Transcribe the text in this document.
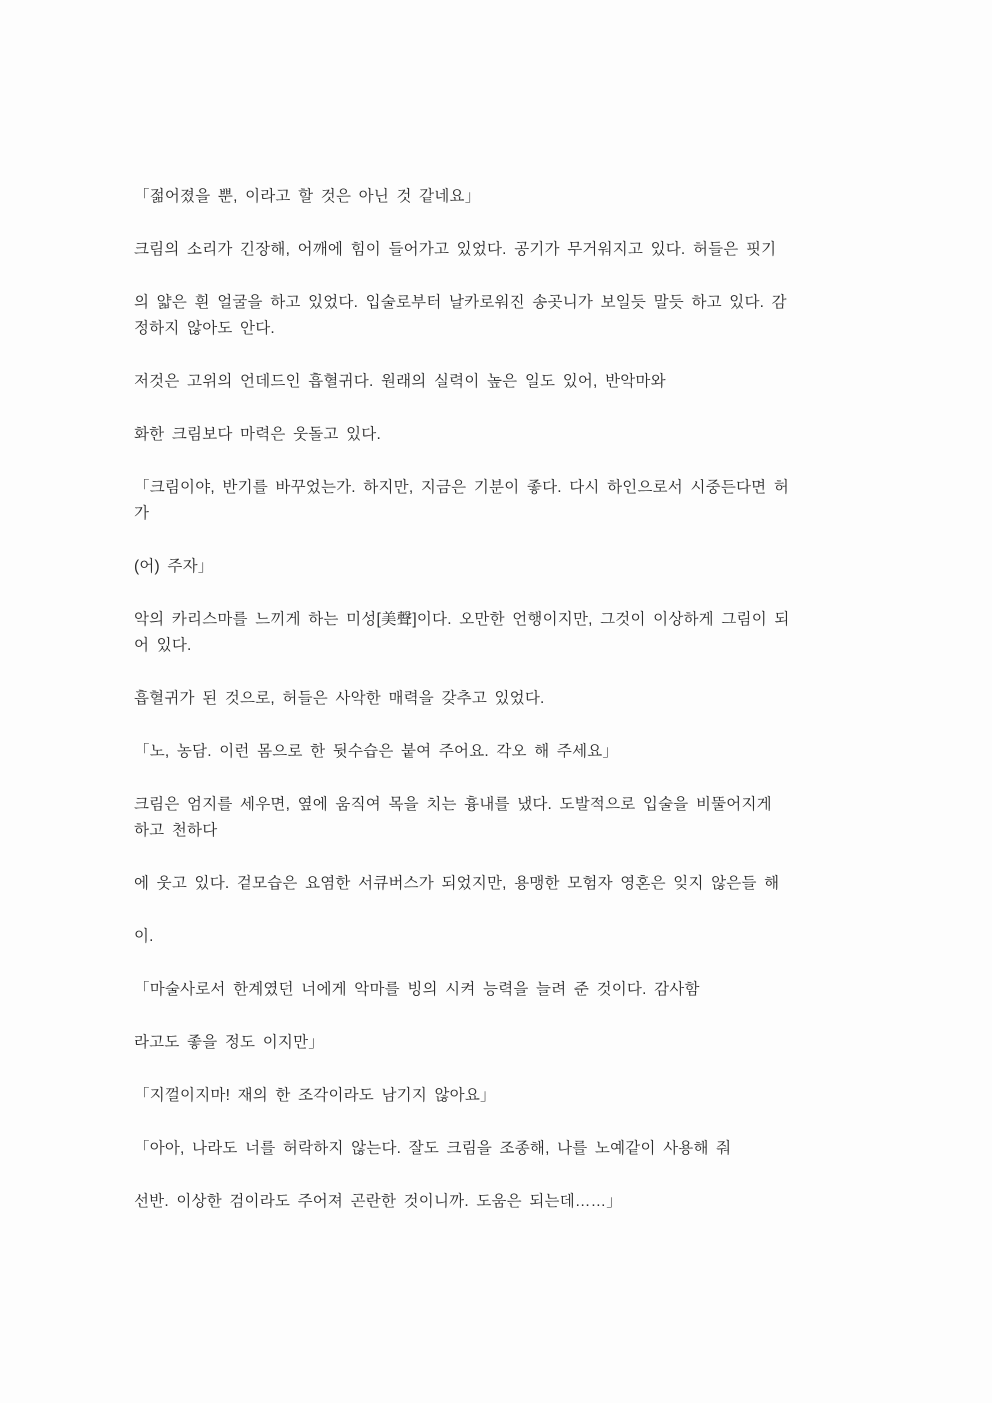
「젊어졌을 뿐, 이라고 할 것은 아닌 것 같네요」
크림의 소리가 긴장해, 어깨에 힘이 들어가고 있었다. 공기가 무거워지고 있다. 허들은 핏기
의 얇은 흰 얼굴을 하고 있었다. 입술로부터 날카로워진 송곳니가 보일듯 말듯 하고 있다. 감
정하지 않아도 안다.
저것은 고위의 언데드인 흡혈귀다. 원래의 실력이 높은 일도 있어, 반악마와
화한 크림보다 마력은 웃돌고 있다.
「크림이야, 반기를 바꾸었는가. 하지만, 지금은 기분이 좋다. 다시 하인으로서 시중든다면 허
가
(어) 주자」
악의 카리스마를 느끼게 하는 미성[美聲]이다. 오만한 언행이지만, 그것이 이상하게 그림이 되
어 있다.
흡혈귀가 된 것으로, 허들은 사악한 매력을 갖추고 있었다.
「노, 농담. 이런 몸으로 한 뒷수습은 붙여 주어요. 각오 해 주세요」
크림은 엄지를 세우면, 옆에 움직여 목을 치는 흉내를 냈다. 도발적으로 입술을 비뚤어지게
하고 천하다
에 웃고 있다. 겉모습은 요염한 서큐버스가 되었지만, 용맹한 모험자 영혼은 잊지 않은들 해
이.
「마술사로서 한계였던 너에게 악마를 빙의 시켜 능력을 늘려 준 것이다. 감사함
라고도 좋을 정도 이지만」
「지껄이지마! 재의 한 조각이라도 남기지 않아요」
「아아, 나라도 너를 허락하지 않는다. 잘도 크림을 조종해, 나를 노예같이 사용해 줘
선반. 이상한 검이라도 주어져 곤란한 것이니까. 도움은 되는데……」
